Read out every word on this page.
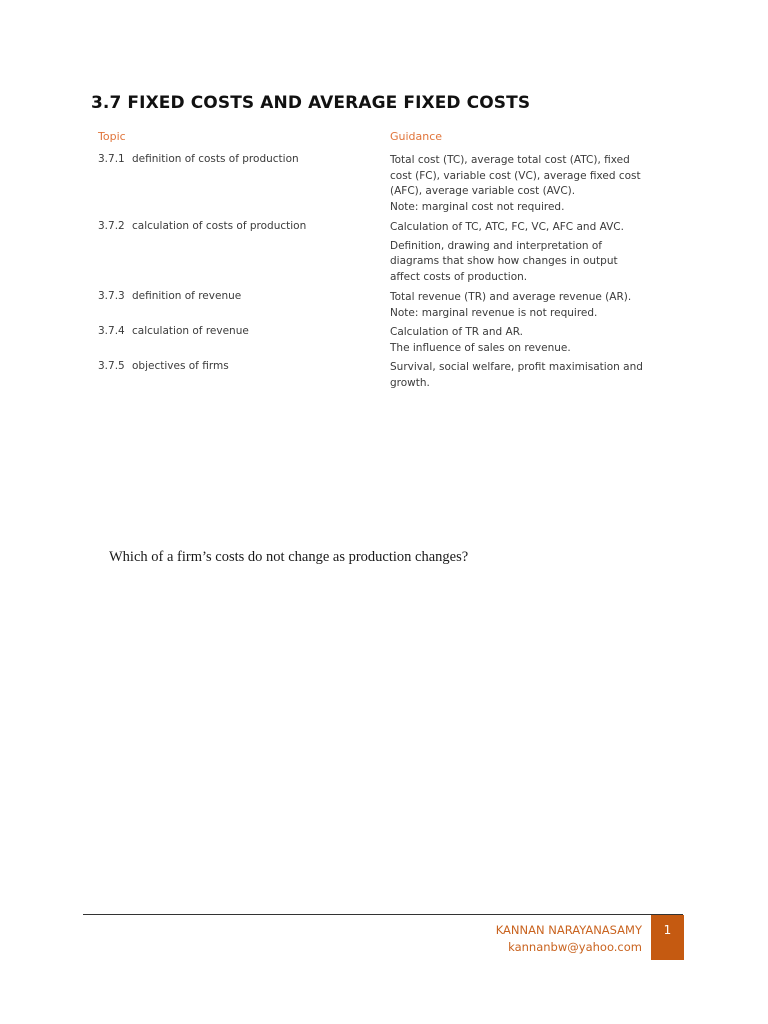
3.7 FIXED COSTS AND AVERAGE FIXED COSTS
Topic	Guidance
3.7.1 definition of costs of production	Total cost (TC), average total cost (ATC), fixed cost (FC), variable cost (VC), average fixed cost (AFC), average variable cost (AVC).

Note: marginal cost not required.

3.7.2 calculation of costs of production	Calculation of TC, ATC, FC, VC, AFC and AVC.

Definition, drawing and interpretation of diagrams that show how changes in output affect costs of production.

3.7.3 definition of revenue	Total revenue (TR) and average revenue (AR).

Note: marginal revenue is not required.

3.7.4 calculation of revenue	Calculation of TR and AR.

The influence of sales on revenue.

3.7.5 objectives of firms	Survival, social welfare, profit maximisation and growth.

Which of a firm’s costs do not change as production changes?
KANNAN NARAYANASAMY
kannanbw@yahoo.com
1
